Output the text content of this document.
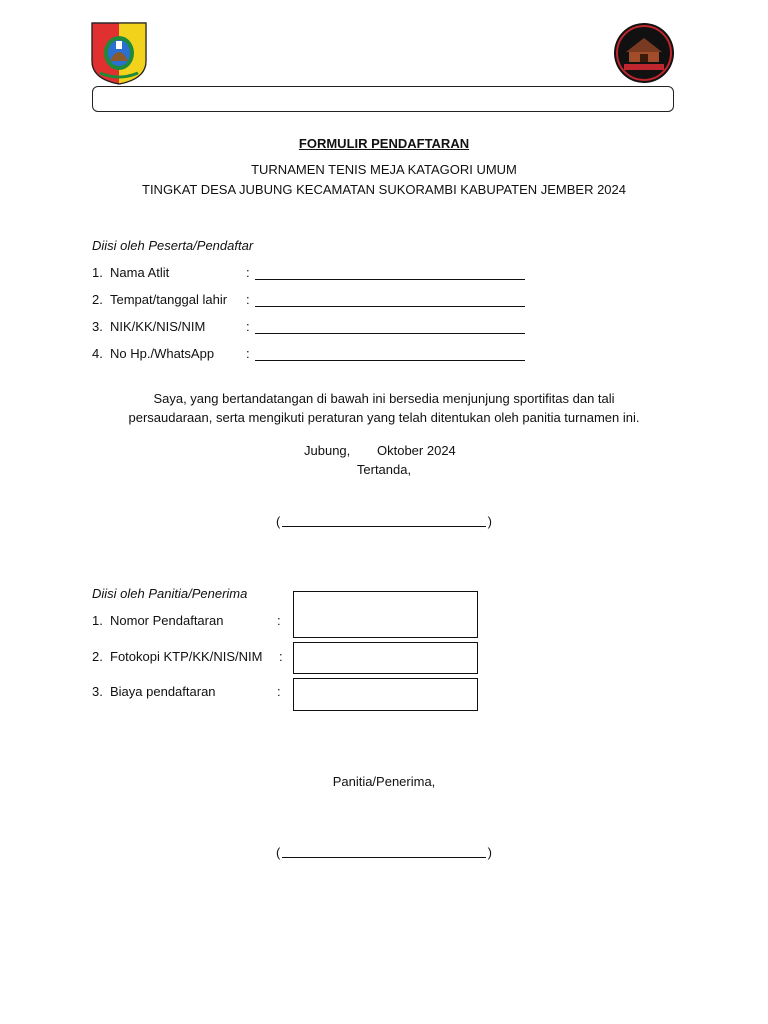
FORMULIR PENDAFTARAN
TURNAMEN TENIS MEJA KATAGORI UMUM
TINGKAT DESA JUBUNG KECAMATAN SUKORAMBI KABUPATEN JEMBER 2024
Diisi oleh Peserta/Pendaftar
1. Nama Atlit	:
2. Tempat/tanggal lahir :
3. NIK/KK/NIS/NIM	:
4. No Hp./WhatsApp :
Saya, yang bertandatangan di bawah ini bersedia menjunjung sportifitas dan tali
persaudaraan, serta mengikuti peraturan yang telah ditentukan oleh panitia turnamen ini.
Jubung, Oktober 2024
Tertanda,
(	)
Diisi oleh Panitia/Penerima
1. Nomor Pendaftaran	:
2. Fotokopi KTP/KK/NIS/NIM :
3. Biaya pendaftaran	:
Panitia/Penerima,
(	)
